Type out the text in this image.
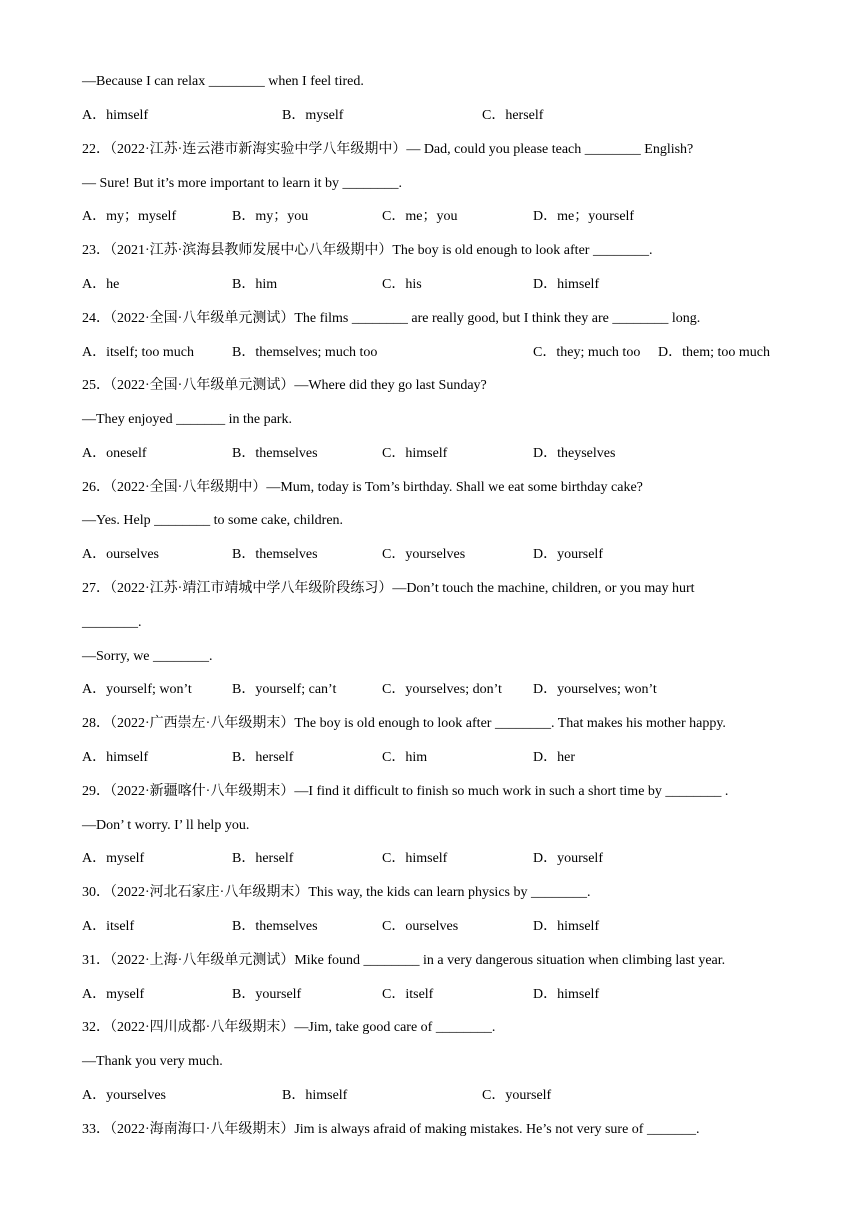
—Because I can relax ________ when I feel tired.
A．himself	B．myself	C．herself
22．（2022·江苏·连云港市新海实验中学八年级期中）— Dad, could you please teach ________ English?
— Sure! But it’s more important to learn it by ________.
A．my；myself	B．my；you	C．me；you	D．me；yourself
23．（2021·江苏·滨海县教师发展中心八年级期中）The boy is old enough to look after ________.
A．he	B．him	C．his	D．himself
24．（2022·全国·八年级单元测试）The films ________ are really good, but I think they are ________ long.
A．itself; too much	B．themselves; much too	C．they; much too D．them; too much
25．（2022·全国·八年级单元测试）—Where did they go last Sunday?
—They enjoyed _______ in the park.
A．oneself	B．themselves	C．himself	D．theyselves
26．（2022·全国·八年级期中）—Mum, today is Tom’s birthday. Shall we eat some birthday cake?
—Yes. Help ________ to some cake, children.
A．ourselves	B．themselves	C．yourselves	D．yourself
27．（2022·江苏·靖江市靖城中学八年级阶段练习）—Don’t touch the machine, children, or you may hurt
________.
—Sorry, we ________.
A．yourself; won’t	B．yourself; can’t	C．yourselves; don’t D．yourselves; won’t
28．（2022·广西崇左·八年级期末）The boy is old enough to look after ________. That makes his mother happy.
A．himself	B．herself	C．him	D．her
29．（2022·新疆喀什·八年级期末）—I find it difficult to finish so much work in such a short time by ________ .
—Don’ t worry. I’ ll help you.
A．myself	B．herself	C．himself	D．yourself
30．（2022·河北石家庄·八年级期末）This way, the kids can learn physics by ________.
A．itself	B．themselves	C．ourselves	D．himself
31．（2022·上海·八年级单元测试）Mike found ________ in a very dangerous situation when climbing last year.
A．myself	B．yourself	C．itself	D．himself
32．（2022·四川成都·八年级期末）—Jim, take good care of ________.
—Thank you very much.
A．yourselves	B．himself	C．yourself
33．（2022·海南海口·八年级期末）Jim is always afraid of making mistakes. He’s not very sure of _______.
